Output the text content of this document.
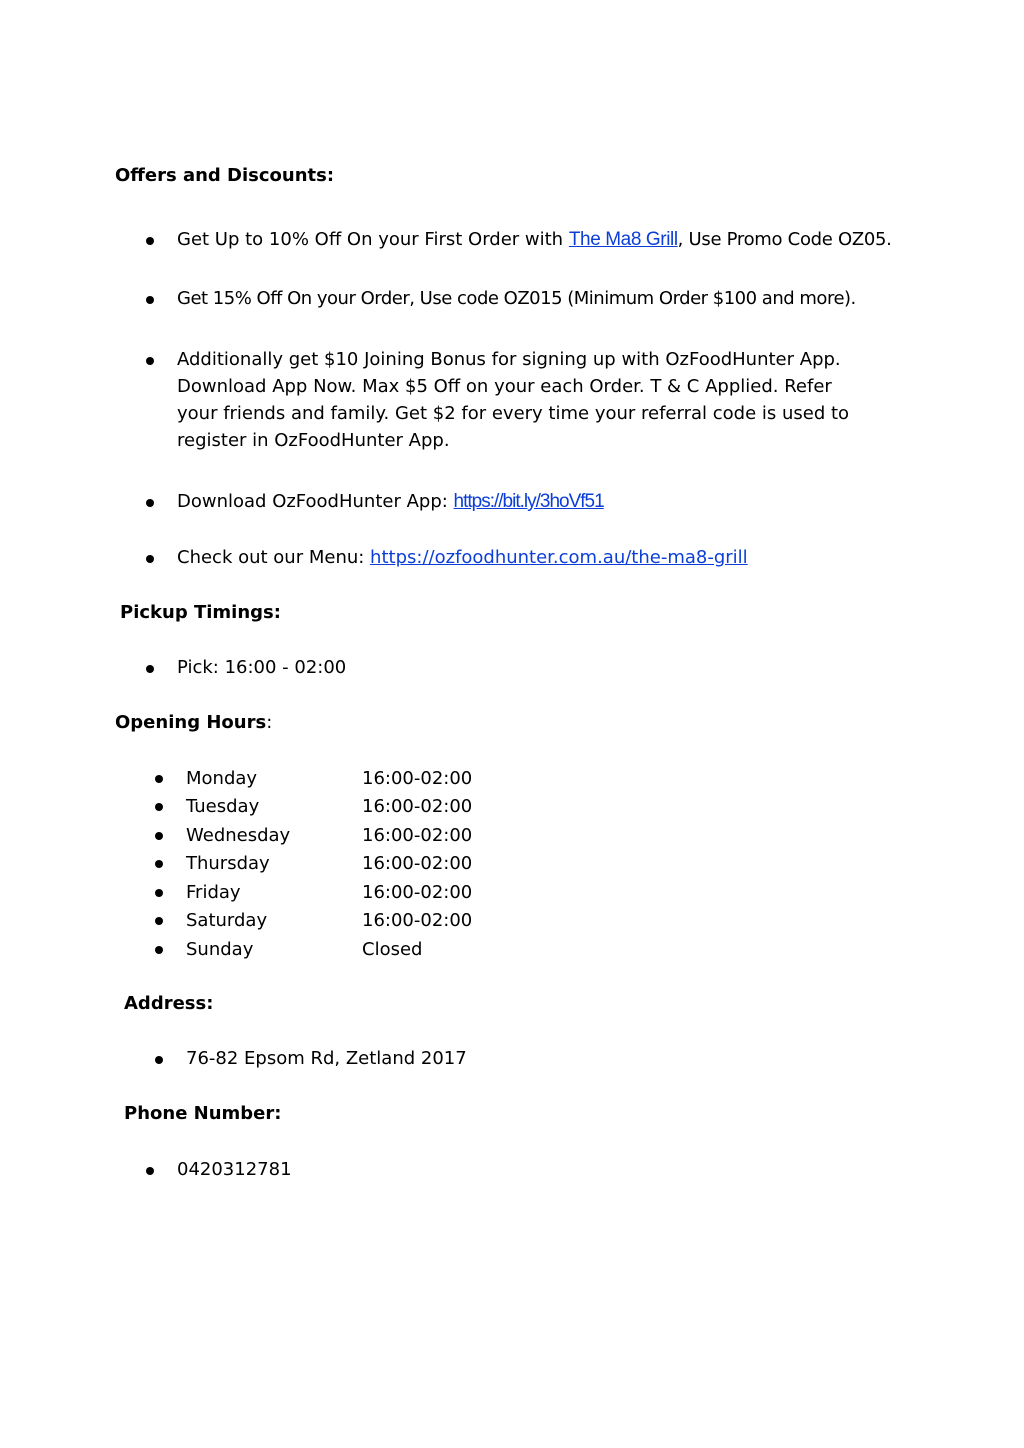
Offers and Discounts:
Get Up to 10% Off On your First Order with The Ma8 Grill, Use Promo Code OZ05.
Get 15% Off On your Order, Use code OZ015 (Minimum Order $100 and more).
Additionally get $10 Joining Bonus for signing up with OzFoodHunter App.
Download App Now. Max $5 Off on your each Order. T & C Applied. Refer
your friends and family. Get $2 for every time your referral code is used to
register in OzFoodHunter App.
Download OzFoodHunter App: https://bit.ly/3hoVf51
Check out our Menu: https://ozfoodhunter.com.au/the-ma8-grill
Pickup Timings:
Pick: 16:00 - 02:00
Opening Hours:
Monday	16:00-02:00
Tuesday	16:00-02:00
Wednesday	16:00-02:00
Thursday	16:00-02:00
Friday	16:00-02:00
Saturday	16:00-02:00
Sunday	Closed
Address:
76-82 Epsom Rd, Zetland 2017
Phone Number:
0420312781
